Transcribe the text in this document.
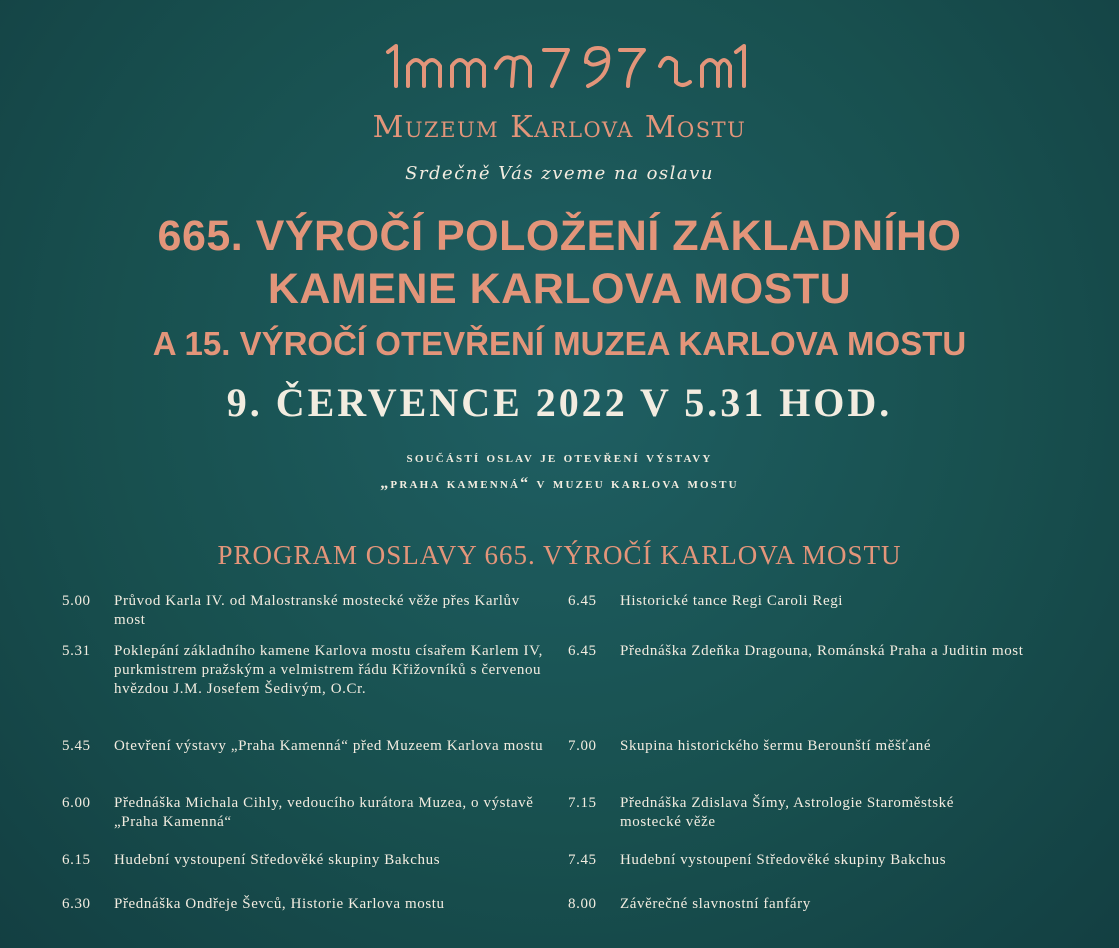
Muzeum Karlova Mostu
Srdečně Vás zveme na oslavu
665. VÝROČÍ POLOŽENÍ ZÁKLADNÍHO
KAMENE KARLOVA MOSTU
A 15. VÝROČÍ OTEVŘENÍ MUZEA KARLOVA MOSTU
9. ČERVENCE 2022 V 5.31 HOD.
součástí oslav je otevření výstavy
„praha kamenná“ v muzeu karlova mostu
PROGRAM OSLAVY 665. VÝROČÍ KARLOVA MOSTU
5.00	Průvod Karla IV. od Malostranské mostecké věže přes Karlův most
5.31	Poklepání základního kamene Karlova mostu císařem Karlem IV, purkmistrem pražským a velmistrem řádu Křižovníků s červenou hvězdou J.M. Josefem Šedivým, O.Cr.
5.45	Otevření výstavy „Praha Kamenná“ před Muzeem Karlova mostu
6.00	Přednáška Michala Cihly, vedoucího kurátora Muzea, o výstavě „Praha Kamenná“
6.15	Hudební vystoupení Středověké skupiny Bakchus
6.30	Přednáška Ondřeje Ševců, Historie Karlova mostu
6.45	Historické tance Regi Caroli Regi
6.45	Přednáška Zdeňka Dragouna, Románská Praha a Juditin most
7.00	Skupina historického šermu Berounští měšťané
7.15	Přednáška Zdislava Šímy, Astrologie Staroměstské mostecké věže
7.45	Hudební vystoupení Středověké skupiny Bakchus
8.00	Závěrečné slavnostní fanfáry
